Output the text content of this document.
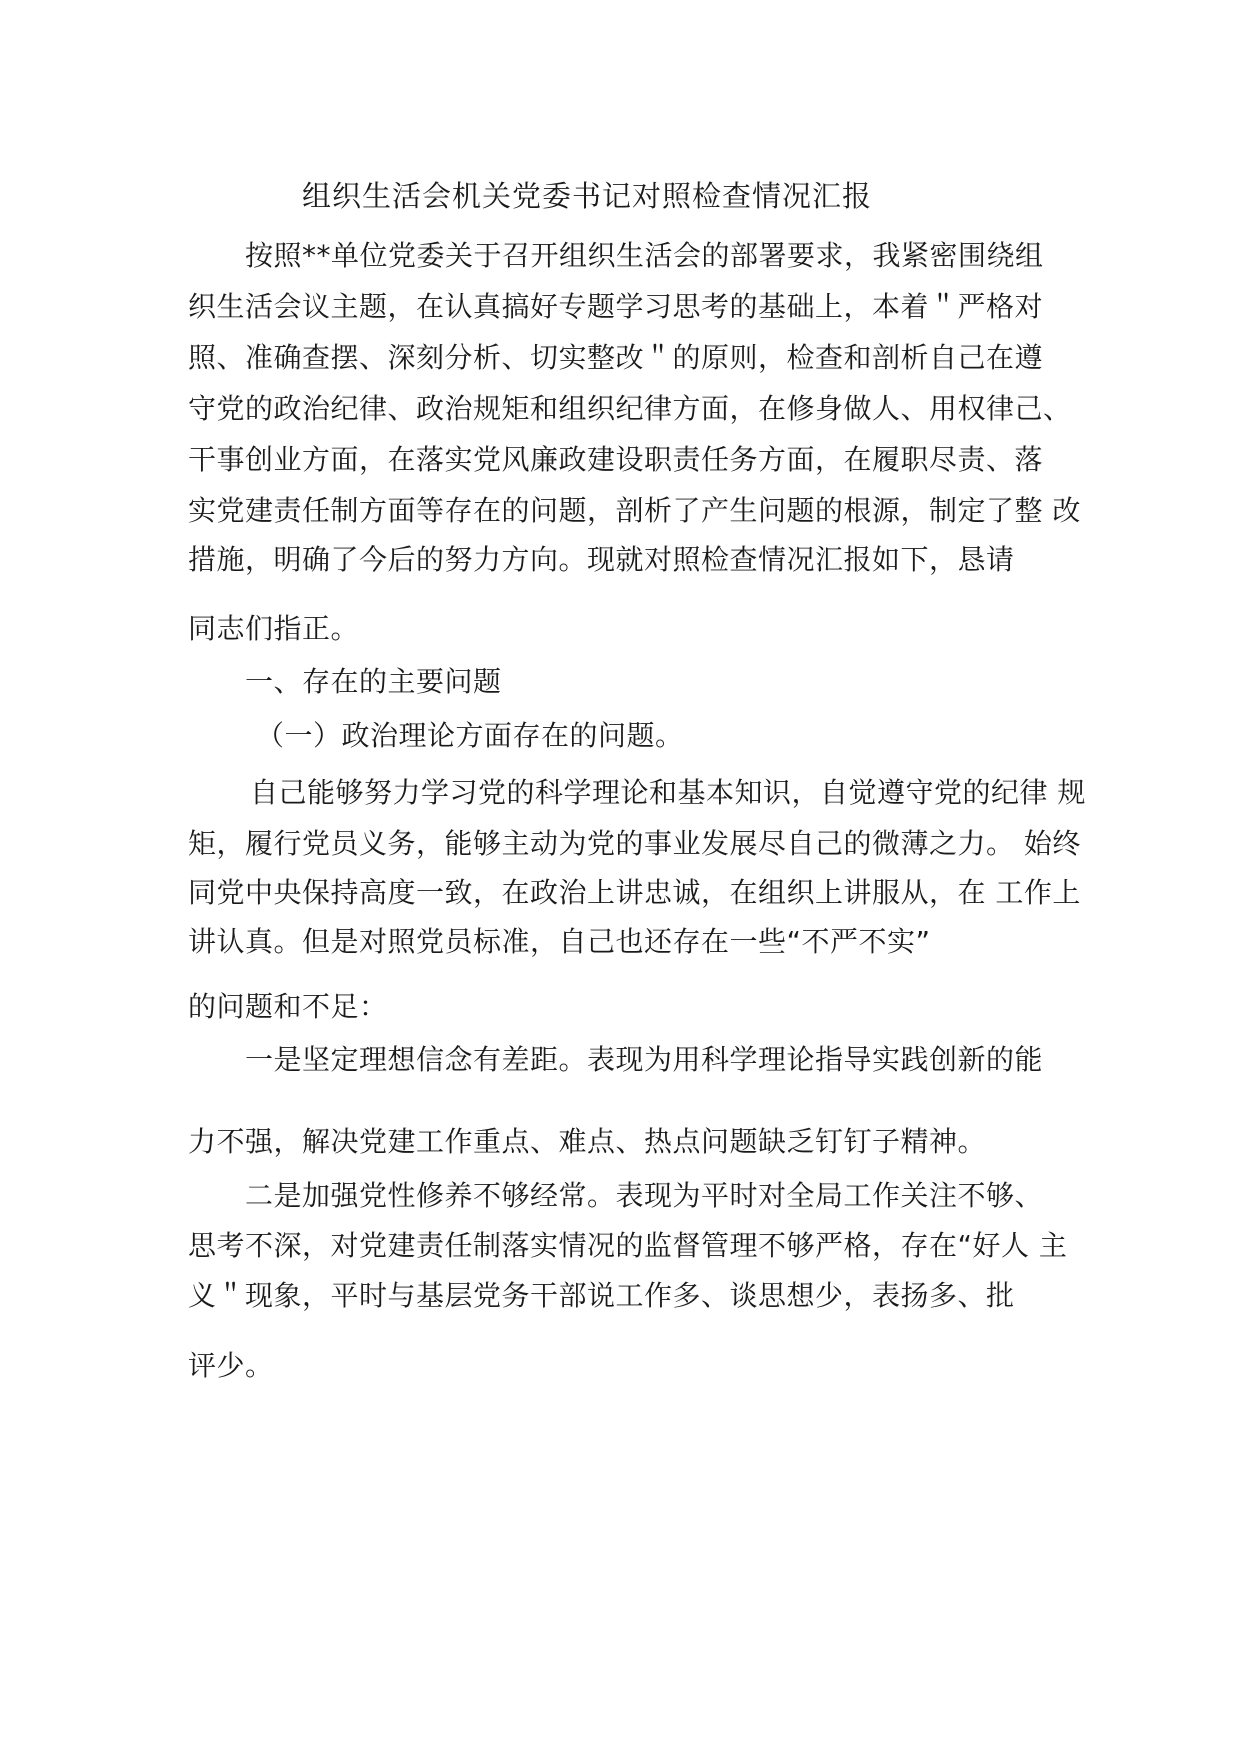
组织生活会机关党委书记对照检查情况汇报

按照**单位党委关于召开组织生活会的部署要求，我紧密围绕组

织生活会议主题，在认真搞好专题学习思考的基础上，本着＂严格对

照、准确查摆、深刻分析、切实整改＂的原则，检查和剖析自己在遵

守党的政治纪律、政治规矩和组织纪律方面，在修身做人、用权律己、

干事创业方面，在落实党风廉政建设职责任务方面，在履职尽责、落

实党建责任制方面等存在的问题，剖析了产生问题的根源，制定了整 改

措施，明确了今后的努力方向。现就对照检查情况汇报如下，恳请

同志们指正。

一、存在的主要问题

（一）政治理论方面存在的问题。

自己能够努力学习党的科学理论和基本知识，自觉遵守党的纪律 规

矩，履行党员义务，能够主动为党的事业发展尽自己的微薄之力。 始终

同党中央保持高度一致，在政治上讲忠诚，在组织上讲服从，在 工作上

讲认真。但是对照党员标准，自己也还存在一些“不严不实”

的问题和不足：

一是坚定理想信念有差距。表现为用科学理论指导实践创新的能

力不强，解决党建工作重点、难点、热点问题缺乏钉钉子精神。

二是加强党性修养不够经常。表现为平时对全局工作关注不够、

思考不深，对党建责任制落实情况的监督管理不够严格，存在“好人 主

义＂现象，平时与基层党务干部说工作多、谈思想少，表扬多、批

评少。
